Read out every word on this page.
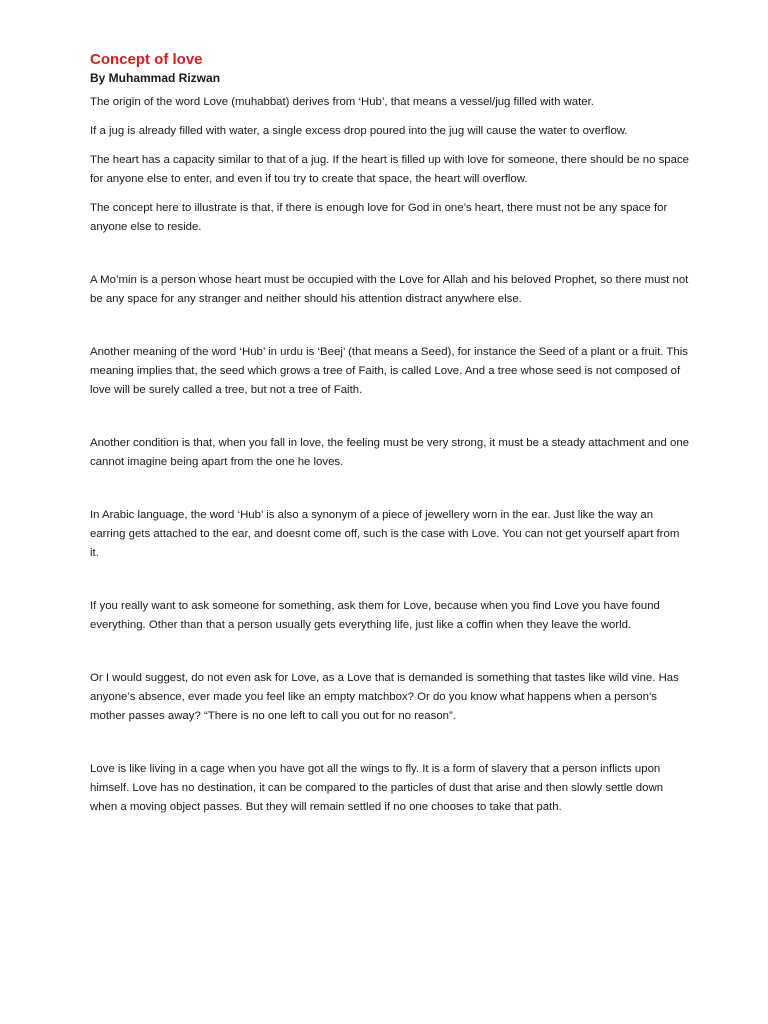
Concept of love
By Muhammad Rizwan

The origin of the word Love (muhabbat) derives from ‘Hub’, that means a vessel/jug filled with water.

If a jug is already filled with water, a single excess drop poured into the jug will cause the water to overflow.

The heart has a capacity similar to that of a jug. If the heart is filled up with love for someone, there should be no space for anyone else to enter, and even if tou try to create that space, the heart will overflow.

The concept here to illustrate is that, if there is enough love for God in one’s heart, there must not be any space for anyone else to reside.

A Mo’min is a person whose heart must be occupied with the Love for Allah and his beloved Prophet, so there must not be any space for any stranger and neither should his attention distract anywhere else.

Another meaning of the word ‘Hub’ in urdu is ‘Beej’ (that means a Seed), for instance the Seed of a plant or a fruit. This meaning implies that, the seed which grows a tree of Faith, is called Love. And a tree whose seed is not composed of love will be surely called a tree, but not a tree of Faith.

Another condition is that, when you fall in love, the feeling must be very strong, it must be a steady attachment and one cannot imagine being apart from the one he loves.

In Arabic language, the word ‘Hub’ is also a synonym of a piece of jewellery worn in the ear. Just like the way an earring gets attached to the ear, and doesnt come off, such is the case with Love. You can not get yourself apart from it.

If you really want to ask someone for something, ask them for Love, because when you find Love you have found everything. Other than that a person usually gets everything life, just like a coffin when they leave the world.

Or I would suggest, do not even ask for Love, as a Love that is demanded is something that tastes like wild vine. Has anyone’s absence, ever made you feel like an empty matchbox? Or do you know what happens when a person’s mother passes away? “There is no one left to call you out for no reason”.

Love is like living in a cage when you have got all the wings to fly. It is a form of slavery that a person inflicts upon himself. Love has no destination, it can be compared to the particles of dust that arise and then slowly settle down when a moving object passes. But they will remain settled if no one chooses to take that path.
